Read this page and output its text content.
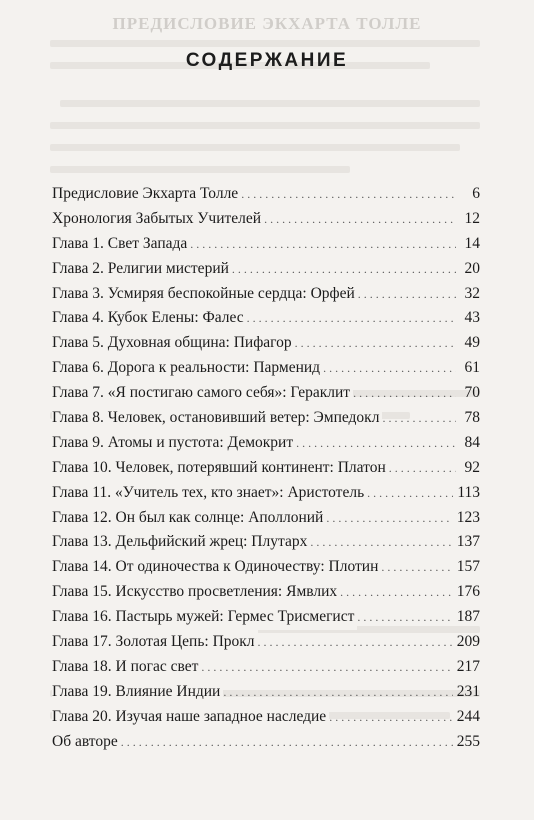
ПРЕДИСЛОВИЕ ЭКХАРТА ТОЛЛЕ
СОДЕРЖАНИЕ
Предисловие Экхарта Толле . . .	6
Хронология Забытых Учителей . . .	12
Глава 1. Свет Запада . . .	14
Глава 2. Религии мистерий . . .	20
Глава 3. Усмиряя беспокойные сердца: Орфей . . .	32
Глава 4. Кубок Елены: Фалес . . .	43
Глава 5. Духовная община: Пифагор . . .	49
Глава 6. Дорога к реальности: Парменид . . .	61
Глава 7. «Я постигаю самого себя»: Гераклит . . .	70
Глава 8. Человек, остановивший ветер: Эмпедокл . . .	78
Глава 9. Атомы и пустота: Демокрит . . .	84
Глава 10. Человек, потерявший континент: Платон . . .	92
Глава 11. «Учитель тех, кто знает»: Аристотель . . .	113
Глава 12. Он был как солнце: Аполлоний . . .	123
Глава 13. Дельфийский жрец: Плутарх . . .	137
Глава 14. От одиночества к Одиночеству: Плотин . . .	157
Глава 15. Искусство просветления: Ямвлих . . .	176
Глава 16. Пастырь мужей: Гермес Трисмегист . . .	187
Глава 17. Золотая Цепь: Прокл . . .	209
Глава 18. И погас свет . . .	217
Глава 19. Влияние Индии . . .	231
Глава 20. Изучая наше западное наследие . . .	244
Об авторе . . .	255
